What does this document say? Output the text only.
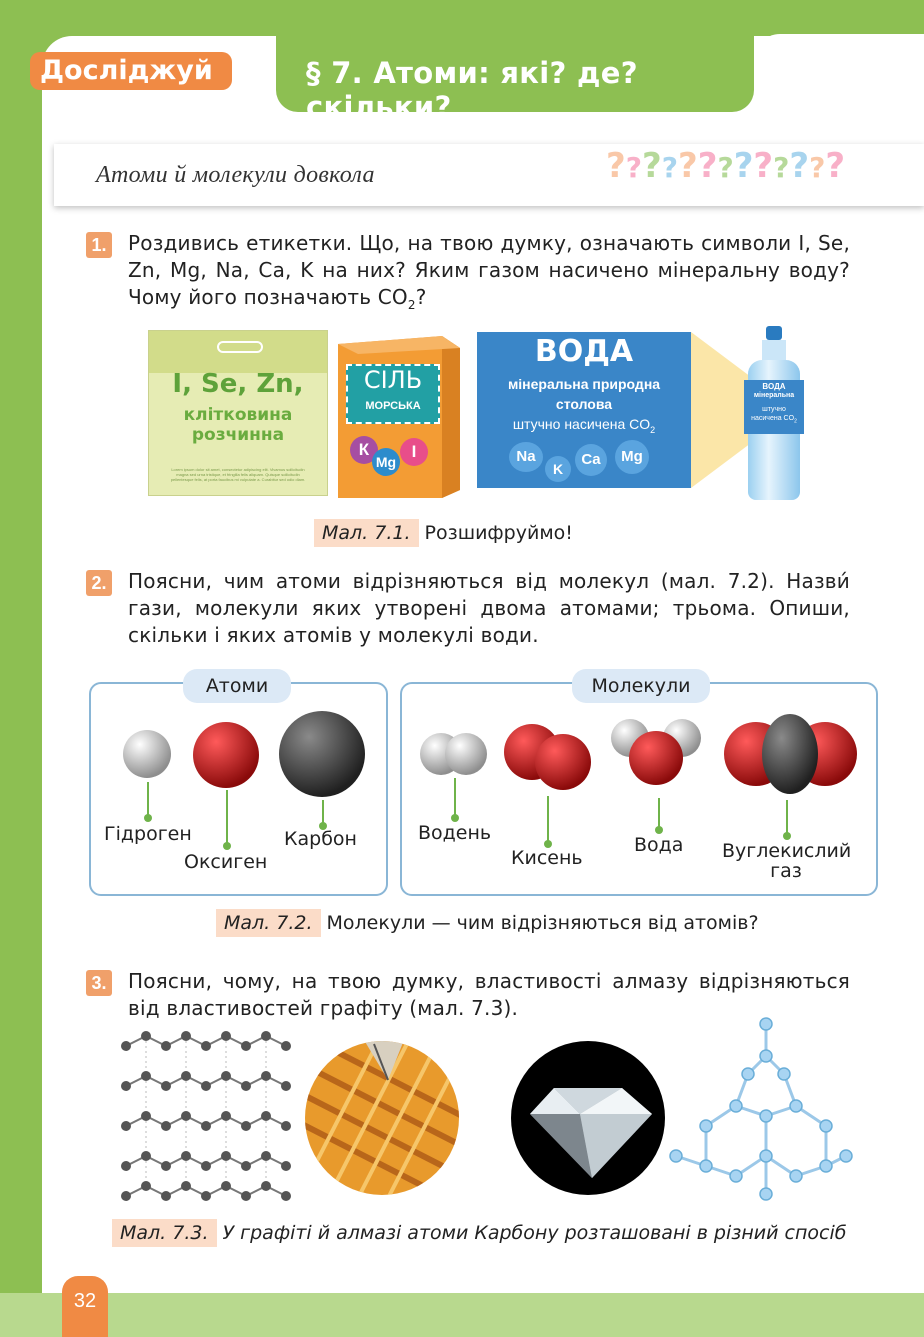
Досліджуй	§ 7. Атоми: які? де? скільки?
Атоми й молекули довкола	?????????????
1. Роздивись етикетки. Що, на твою думку, означають символи I, Se, Zn, Mg, Na, Ca, K на них? Яким газом насичено мінеральну воду? Чому його позначають $CO_2$?
I, Se, Zn,
клітковина
розчинна
Lorem ipsum dolor sit amet, consectetur adipiscing elit. Vivamus sollicitudin magna sed urna tristique, et fringilla felis aliquam. Quisque sollicitudin pellentesque felis, at porta faucibus mi vulputate a. Curabitur sed odio diam.
СІЛЬ
МОРСЬКА
К
Mg
I
ВОДА
мінеральна природна
столова
штучно насичена $CO_2$
Na
K
Ca	Mg
ВОДА
мінеральна
штучно
насичена $CO_2$
Мал. 7.1. Розшифруймо!
2. Поясни, чим атоми відрізняються від молекул (мал. 7.2). Назви́ гази, молекули яких утворені двома атомами; трьома. Опиши, скільки і яких атомів у молекулі води.
Атоми	Молекули
Гідроген
Оксиген
Карбон	Водень
Кисень
Вода Вуглекислий
газ
Мал. 7.2. Молекули — чим відрізняються від атомів?
3. Поясни, чому, на твою думку, властивості алмазу відрізняються від властивостей графіту (мал. 7.3).
Мал. 7.3. У графіті й алмазі атоми Карбону розташовані в різний спосіб
32
